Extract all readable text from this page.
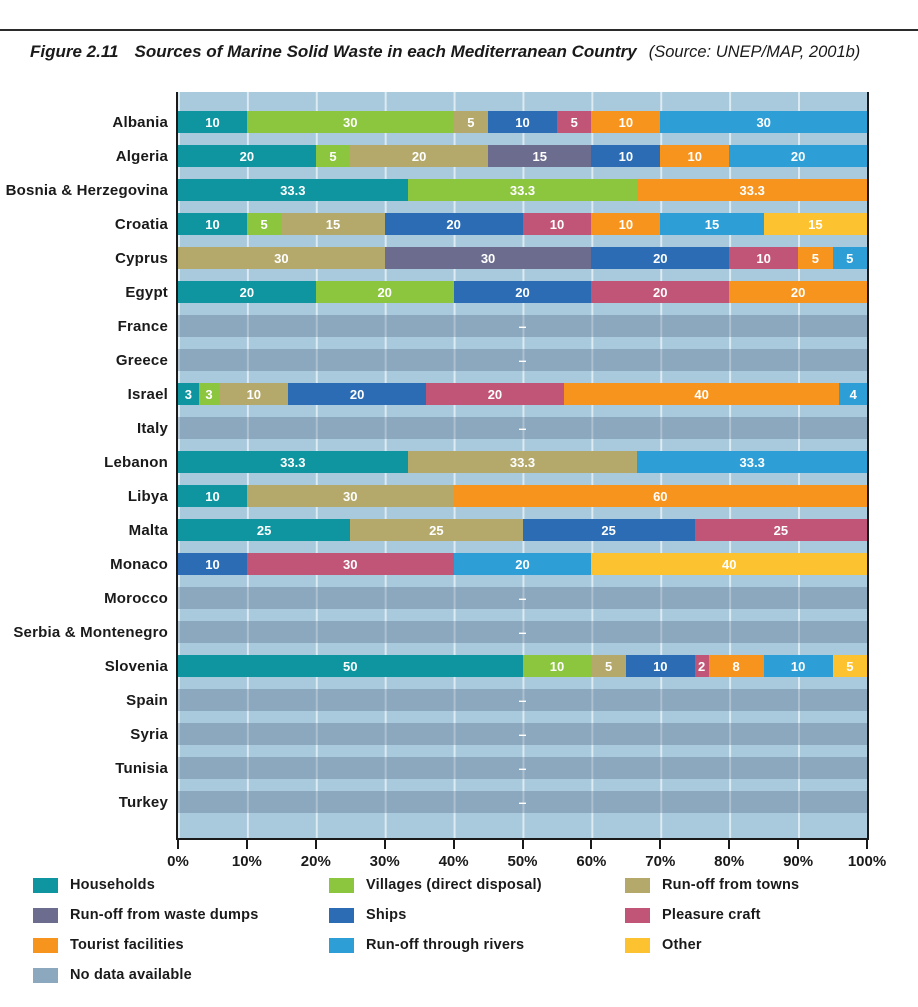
Figure 2.11 Sources of Marine Solid Waste in each Mediterranean Country (Source: UNEP/MAP, 2001b)
Albania	10	30	5	10	5	10	30
Algeria	20	5	20	15	10	10	20
Bosnia & Herzegovina	33.3	33.3	33.3
Croatia	10	5	15	20	10	10	15	15
Cyprus	30	30	20	10	5	5
Egypt	20	20	20	20	20
France	–
Greece	–
Israel	3	3	10	20	20	40	4
Italy	–
Lebanon	33.3	33.3	33.3
Libya	10	30	60
Malta	25	25	25	25
Monaco	10	30	20	40
Morocco	–
Serbia & Montenegro	–
Slovenia	50	10	5	10	2	8	10	5
Spain	–
Syria	–
Tunisia	–
Turkey	–
0%	10%	20%	30%	40%	50%	60%	70%	80%	90% 100%
Households	Villages (direct disposal)	Run-off from towns
Run-off from waste dumps	Ships	Pleasure craft
Tourist facilities	Run-off through rivers	Other
No data available
